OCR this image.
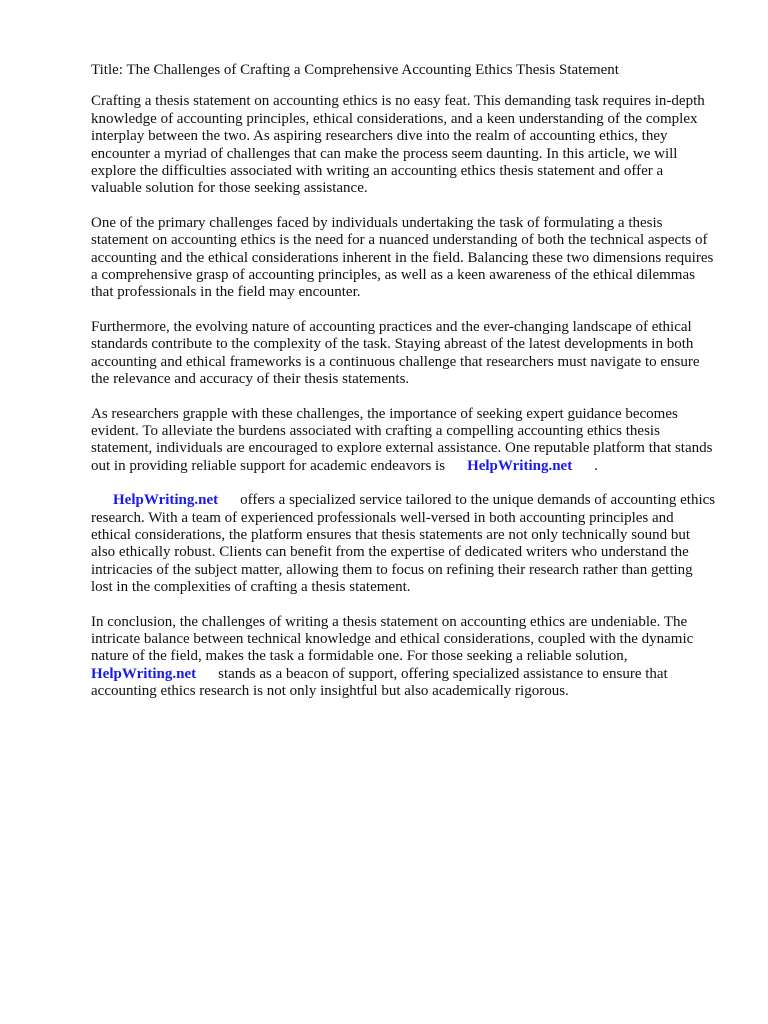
Title: The Challenges of Crafting a Comprehensive Accounting Ethics Thesis Statement

Crafting a thesis statement on accounting ethics is no easy feat. This demanding task requires in-depth knowledge of accounting principles, ethical considerations, and a keen understanding of the complex interplay between the two. As aspiring researchers dive into the realm of accounting ethics, they encounter a myriad of challenges that can make the process seem daunting. In this article, we will explore the difficulties associated with writing an accounting ethics thesis statement and offer a valuable solution for those seeking assistance.

One of the primary challenges faced by individuals undertaking the task of formulating a thesis statement on accounting ethics is the need for a nuanced understanding of both the technical aspects of accounting and the ethical considerations inherent in the field. Balancing these two dimensions requires a comprehensive grasp of accounting principles, as well as a keen awareness of the ethical dilemmas that professionals in the field may encounter.

Furthermore, the evolving nature of accounting practices and the ever-changing landscape of ethical standards contribute to the complexity of the task. Staying abreast of the latest developments in both accounting and ethical frameworks is a continuous challenge that researchers must navigate to ensure the relevance and accuracy of their thesis statements.

As researchers grapple with these challenges, the importance of seeking expert guidance becomes evident. To alleviate the burdens associated with crafting a compelling accounting ethics thesis statement, individuals are encouraged to explore external assistance. One reputable platform that stands out in providing reliable support for academic endeavors is HelpWriting.net .

HelpWriting.net offers a specialized service tailored to the unique demands of accounting ethics research. With a team of experienced professionals well-versed in both accounting principles and ethical considerations, the platform ensures that thesis statements are not only technically sound but also ethically robust. Clients can benefit from the expertise of dedicated writers who understand the intricacies of the subject matter, allowing them to focus on refining their research rather than getting lost in the complexities of crafting a thesis statement.

In conclusion, the challenges of writing a thesis statement on accounting ethics are undeniable. The intricate balance between technical knowledge and ethical considerations, coupled with the dynamic nature of the field, makes the task a formidable one. For those seeking a reliable solution, HelpWriting.net stands as a beacon of support, offering specialized assistance to ensure that accounting ethics research is not only insightful but also academically rigorous.
